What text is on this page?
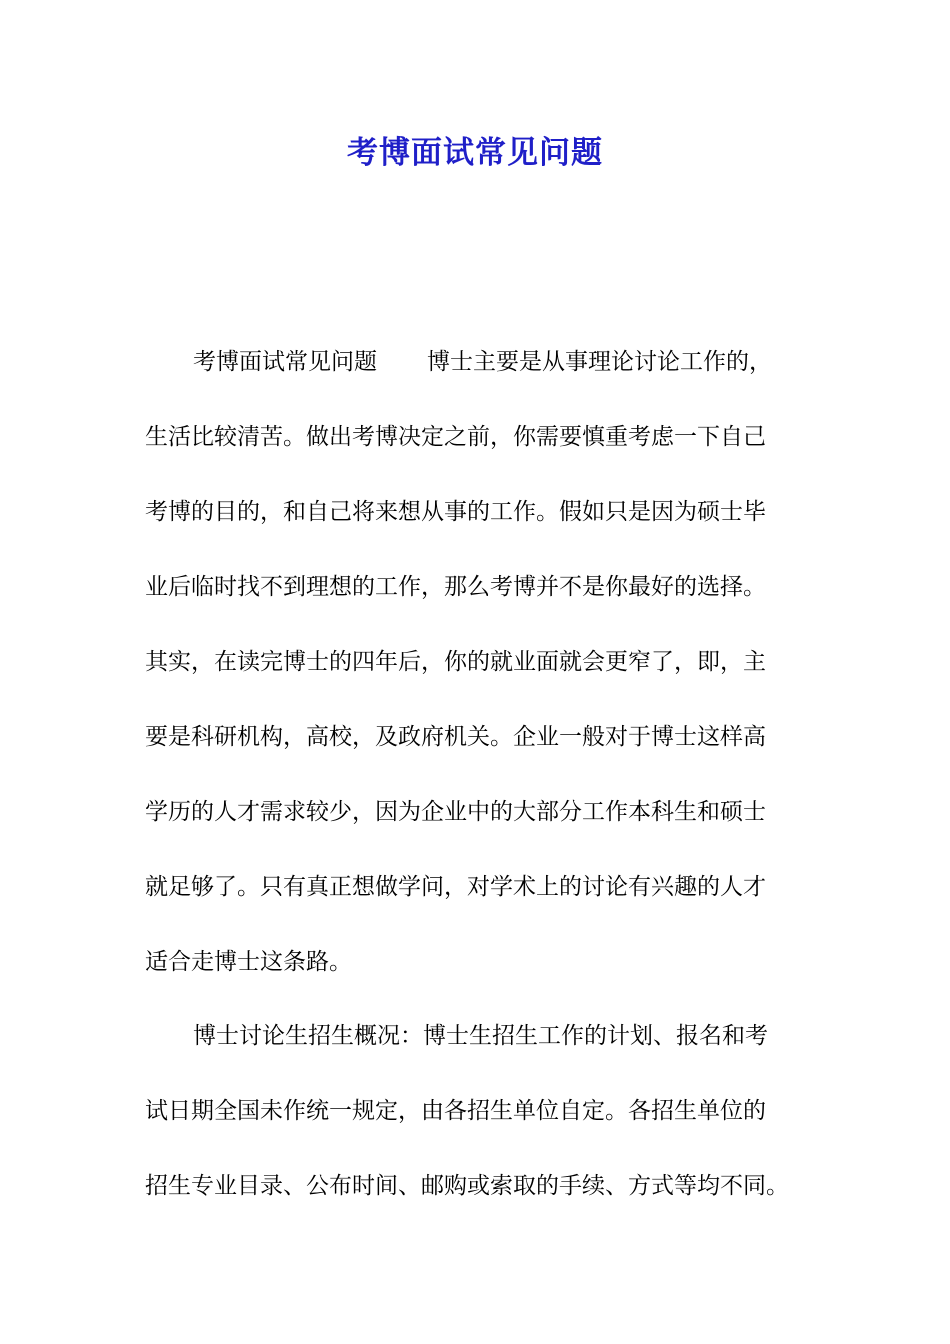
考博面试常见问题
考博面试常见问题 博士主要是从事理论讨论工作的，
生活比较清苦。做出考博决定之前，你需要慎重考虑一下自己
考博的目的，和自己将来想从事的工作。假如只是因为硕士毕
业后临时找不到理想的工作，那么考博并不是你最好的选择。
其实，在读完博士的四年后，你的就业面就会更窄了，即，主
要是科研机构，高校，及政府机关。企业一般对于博士这样高
学历的人才需求较少，因为企业中的大部分工作本科生和硕士
就足够了。只有真正想做学问，对学术上的讨论有兴趣的人才
适合走博士这条路。
博士讨论生招生概况：博士生招生工作的计划、报名和考
试日期全国未作统一规定，由各招生单位自定。各招生单位的
招生专业目录、公布时间、邮购或索取的手续、方式等均不同。
